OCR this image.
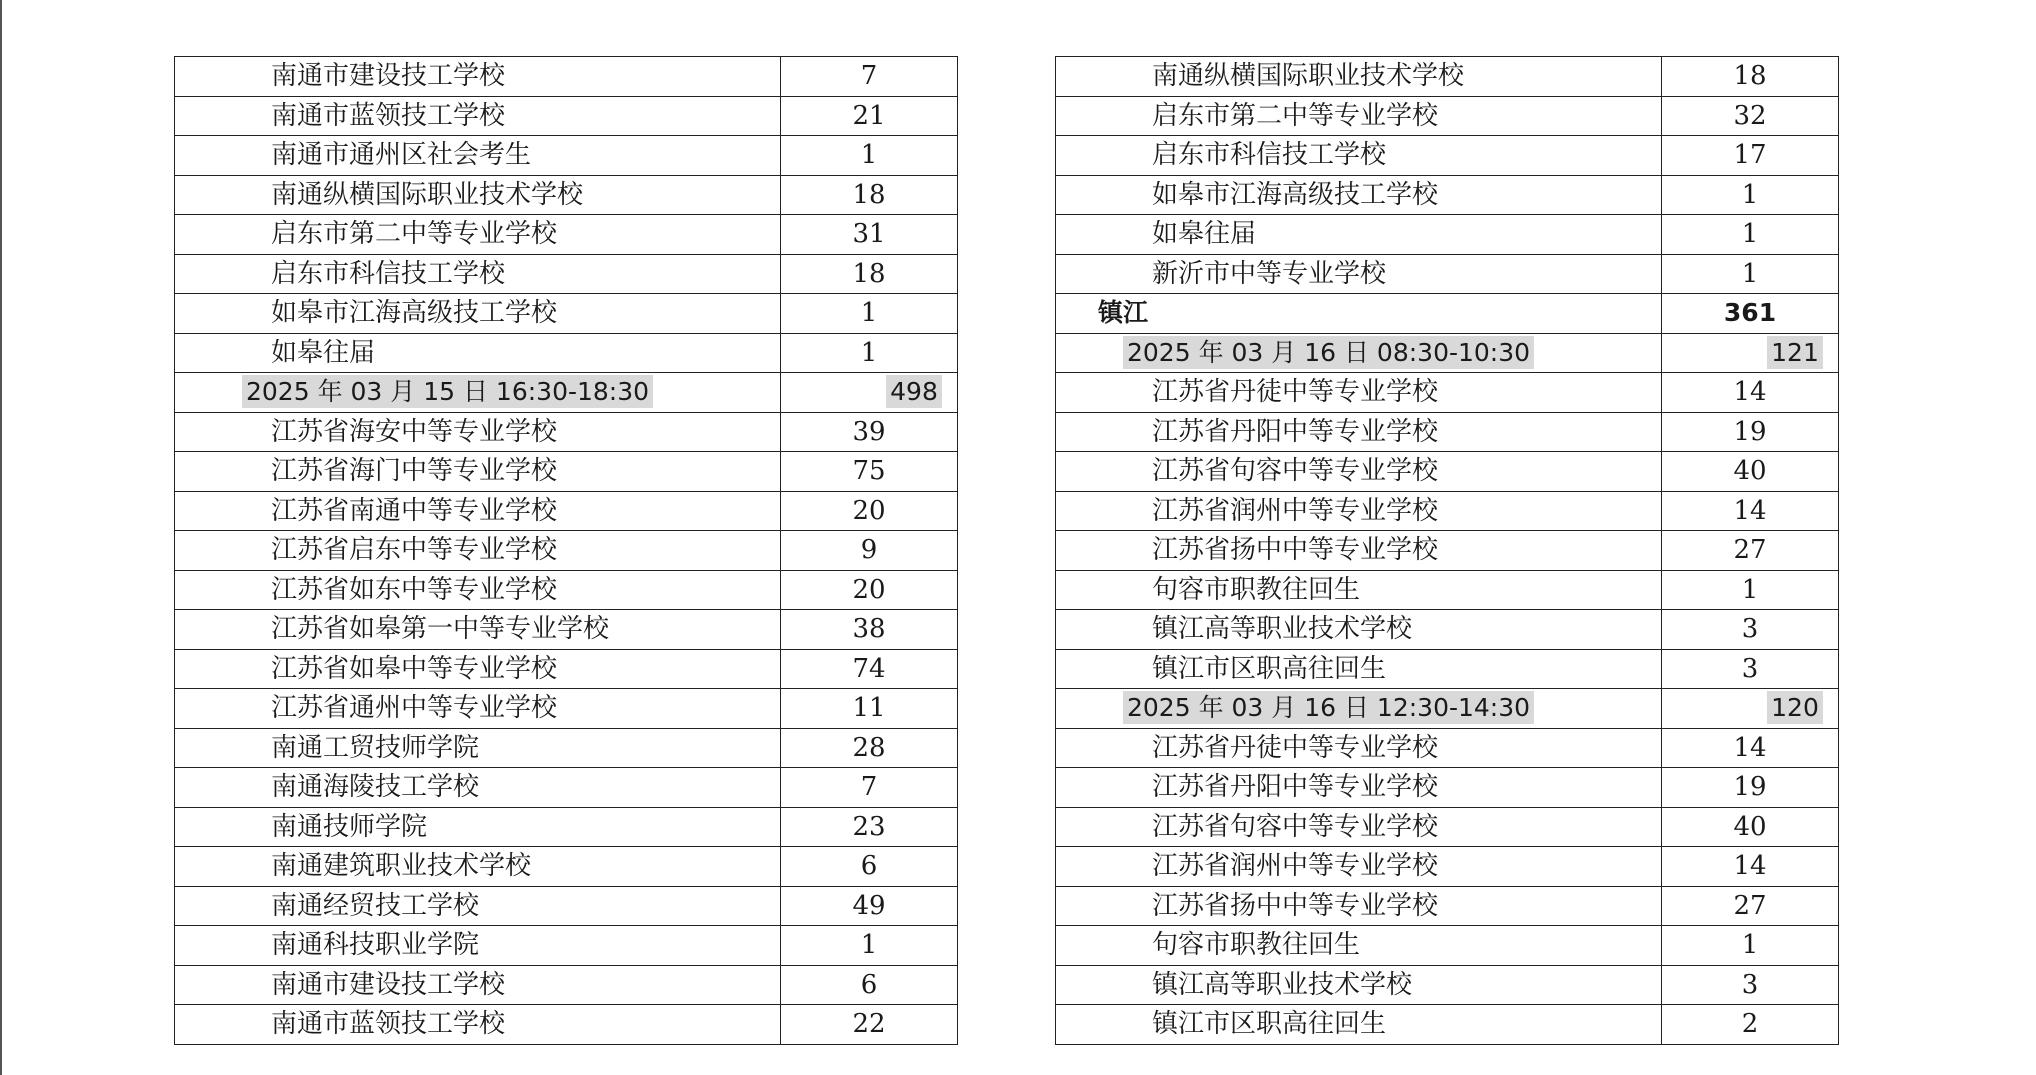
南通市建设技工学校	7
南通市蓝领技工学校	21
南通市通州区社会考生	1
南通纵横国际职业技术学校	18
启东市第二中等专业学校	31
启东市科信技工学校	18
如皋市江海高级技工学校	1
如皋往届	1
2025 年 03 月 15 日 16:30-18:30	498
江苏省海安中等专业学校	39
江苏省海门中等专业学校	75
江苏省南通中等专业学校	20
江苏省启东中等专业学校	9
江苏省如东中等专业学校	20
江苏省如皋第一中等专业学校	38
江苏省如皋中等专业学校	74
江苏省通州中等专业学校	11
南通工贸技师学院	28
南通海陵技工学校	7
南通技师学院	23
南通建筑职业技术学校	6
南通经贸技工学校	49
南通科技职业学院	1
南通市建设技工学校	6
南通市蓝领技工学校	22
南通纵横国际职业技术学校	18
启东市第二中等专业学校	32
启东市科信技工学校	17
如皋市江海高级技工学校	1
如皋往届	1
新沂市中等专业学校	1
镇江	361
2025 年 03 月 16 日 08:30-10:30	121
江苏省丹徒中等专业学校	14
江苏省丹阳中等专业学校	19
江苏省句容中等专业学校	40
江苏省润州中等专业学校	14
江苏省扬中中等专业学校	27
句容市职教往回生	1
镇江高等职业技术学校	3
镇江市区职高往回生	3
2025 年 03 月 16 日 12:30-14:30	120
江苏省丹徒中等专业学校	14
江苏省丹阳中等专业学校	19
江苏省句容中等专业学校	40
江苏省润州中等专业学校	14
江苏省扬中中等专业学校	27
句容市职教往回生	1
镇江高等职业技术学校	3
镇江市区职高往回生	2
